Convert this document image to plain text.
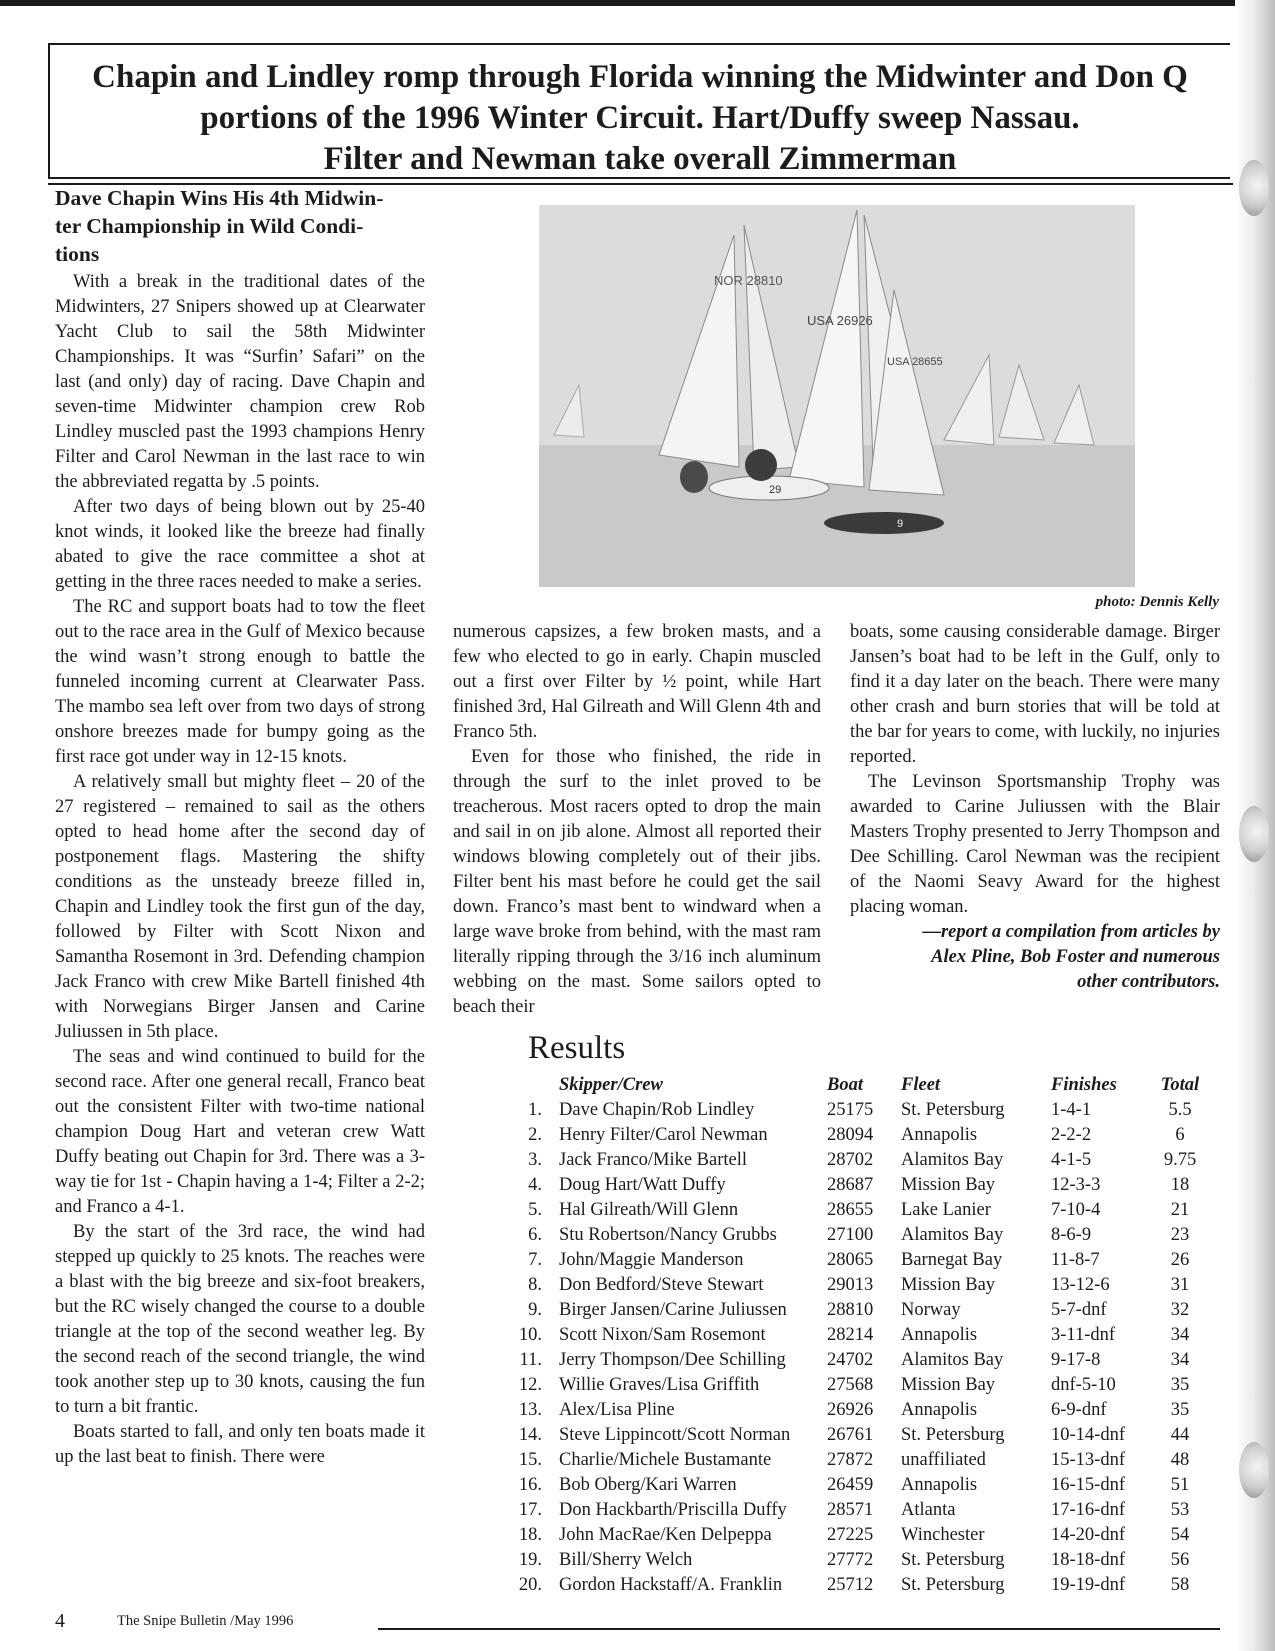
Chapin and Lindley romp through Florida winning the Midwinter and Don Q
portions of the 1996 Winter Circuit. Hart/Duffy sweep Nassau.
Filter and Newman take overall Zimmerman
Dave Chapin Wins His 4th Midwin-
ter Championship in Wild Condi-
tions

With a break in the traditional dates of the Midwinters, 27 Snipers showed up at Clearwater Yacht Club to sail the 58th Midwinter Championships. It was “Surfin’ Safari” on the last (and only) day of racing. Dave Chapin and seven-time Midwinter champion crew Rob Lindley muscled past the 1993 champions Henry Filter and Carol Newman in the last race to win the abbreviated regatta by .5 points.

After two days of being blown out by 25-40 knot winds, it looked like the breeze had finally abated to give the race committee a shot at getting in the three races needed to make a series.

The RC and support boats had to tow the fleet out to the race area in the Gulf of Mexico because the wind wasn’t strong enough to battle the funneled incoming current at Clearwater Pass. The mambo sea left over from two days of strong onshore breezes made for bumpy going as the first race got under way in 12-15 knots.

A relatively small but mighty fleet – 20 of the 27 registered – remained to sail as the others opted to head home after the second day of postponement flags. Mastering the shifty conditions as the unsteady breeze filled in, Chapin and Lindley took the first gun of the day, followed by Filter with Scott Nixon and Samantha Rosemont in 3rd. Defending champion Jack Franco with crew Mike Bartell finished 4th with Norwegians Birger Jansen and Carine Juliussen in 5th place.

The seas and wind continued to build for the second race. After one general recall, Franco beat out the consistent Filter with two-time national champion Doug Hart and veteran crew Watt Duffy beating out Chapin for 3rd. There was a 3-way tie for 1st - Chapin having a 1-4; Filter a 2-2; and Franco a 4-1.

By the start of the 3rd race, the wind had stepped up quickly to 25 knots. The reaches were a blast with the big breeze and six-foot breakers, but the RC wisely changed the course to a double triangle at the top of the second weather leg. By the second reach of the second triangle, the wind took another step up to 30 knots, causing the fun to turn a bit frantic.

Boats started to fall, and only ten boats made it up the last beat to finish. There were

NOR 28810
USA 26926
USA 28655
29
9
photo: Dennis Kelly

numerous capsizes, a few broken masts, and a few who elected to go in early. Chapin muscled out a first over Filter by ½ point, while Hart finished 3rd, Hal Gilreath and Will Glenn 4th and Franco 5th.

Even for those who finished, the ride in through the surf to the inlet proved to be treacherous. Most racers opted to drop the main and sail in on jib alone. Almost all reported their windows blowing completely out of their jibs. Filter bent his mast before he could get the sail down. Franco’s mast bent to windward when a large wave broke from behind, with the mast ram literally ripping through the 3/16 inch aluminum webbing on the mast. Some sailors opted to beach their

boats, some causing considerable damage. Birger Jansen’s boat had to be left in the Gulf, only to find it a day later on the beach. There were many other crash and burn stories that will be told at the bar for years to come, with luckily, no injuries reported.

The Levinson Sportsmanship Trophy was awarded to Carine Juliussen with the Blair Masters Trophy presented to Jerry Thompson and Dee Schilling. Carol Newman was the recipient of the Naomi Seavy Award for the highest placing woman.

—report a compilation from articles by

Alex Pline, Bob Foster and numerous

other contributors.

Results
	Skipper/Crew	Boat	Fleet	Finishes	Total
1.	Dave Chapin/Rob Lindley	25175	St. Petersburg	1-4-1	5.5
2.	Henry Filter/Carol Newman	28094	Annapolis	2-2-2	6
3.	Jack Franco/Mike Bartell	28702	Alamitos Bay	4-1-5	9.75
4.	Doug Hart/Watt Duffy	28687	Mission Bay	12-3-3	18
5.	Hal Gilreath/Will Glenn	28655	Lake Lanier	7-10-4	21
6.	Stu Robertson/Nancy Grubbs	27100	Alamitos Bay	8-6-9	23
7.	John/Maggie Manderson	28065	Barnegat Bay	11-8-7	26
8.	Don Bedford/Steve Stewart	29013	Mission Bay	13-12-6	31
9.	Birger Jansen/Carine Juliussen	28810	Norway	5-7-dnf	32
10.	Scott Nixon/Sam Rosemont	28214	Annapolis	3-11-dnf	34
11.	Jerry Thompson/Dee Schilling	24702	Alamitos Bay	9-17-8	34
12.	Willie Graves/Lisa Griffith	27568	Mission Bay	dnf-5-10	35
13.	Alex/Lisa Pline	26926	Annapolis	6-9-dnf	35
14.	Steve Lippincott/Scott Norman	26761	St. Petersburg	10-14-dnf	44
15.	Charlie/Michele Bustamante	27872	unaffiliated	15-13-dnf	48
16.	Bob Oberg/Kari Warren	26459	Annapolis	16-15-dnf	51
17.	Don Hackbarth/Priscilla Duffy	28571	Atlanta	17-16-dnf	53
18.	John MacRae/Ken Delpeppa	27225	Winchester	14-20-dnf	54
19.	Bill/Sherry Welch	27772	St. Petersburg	18-18-dnf	56
20.	Gordon Hackstaff/A. Franklin	25712	St. Petersburg	19-19-dnf	58
4	The Snipe Bulletin /May 1996
